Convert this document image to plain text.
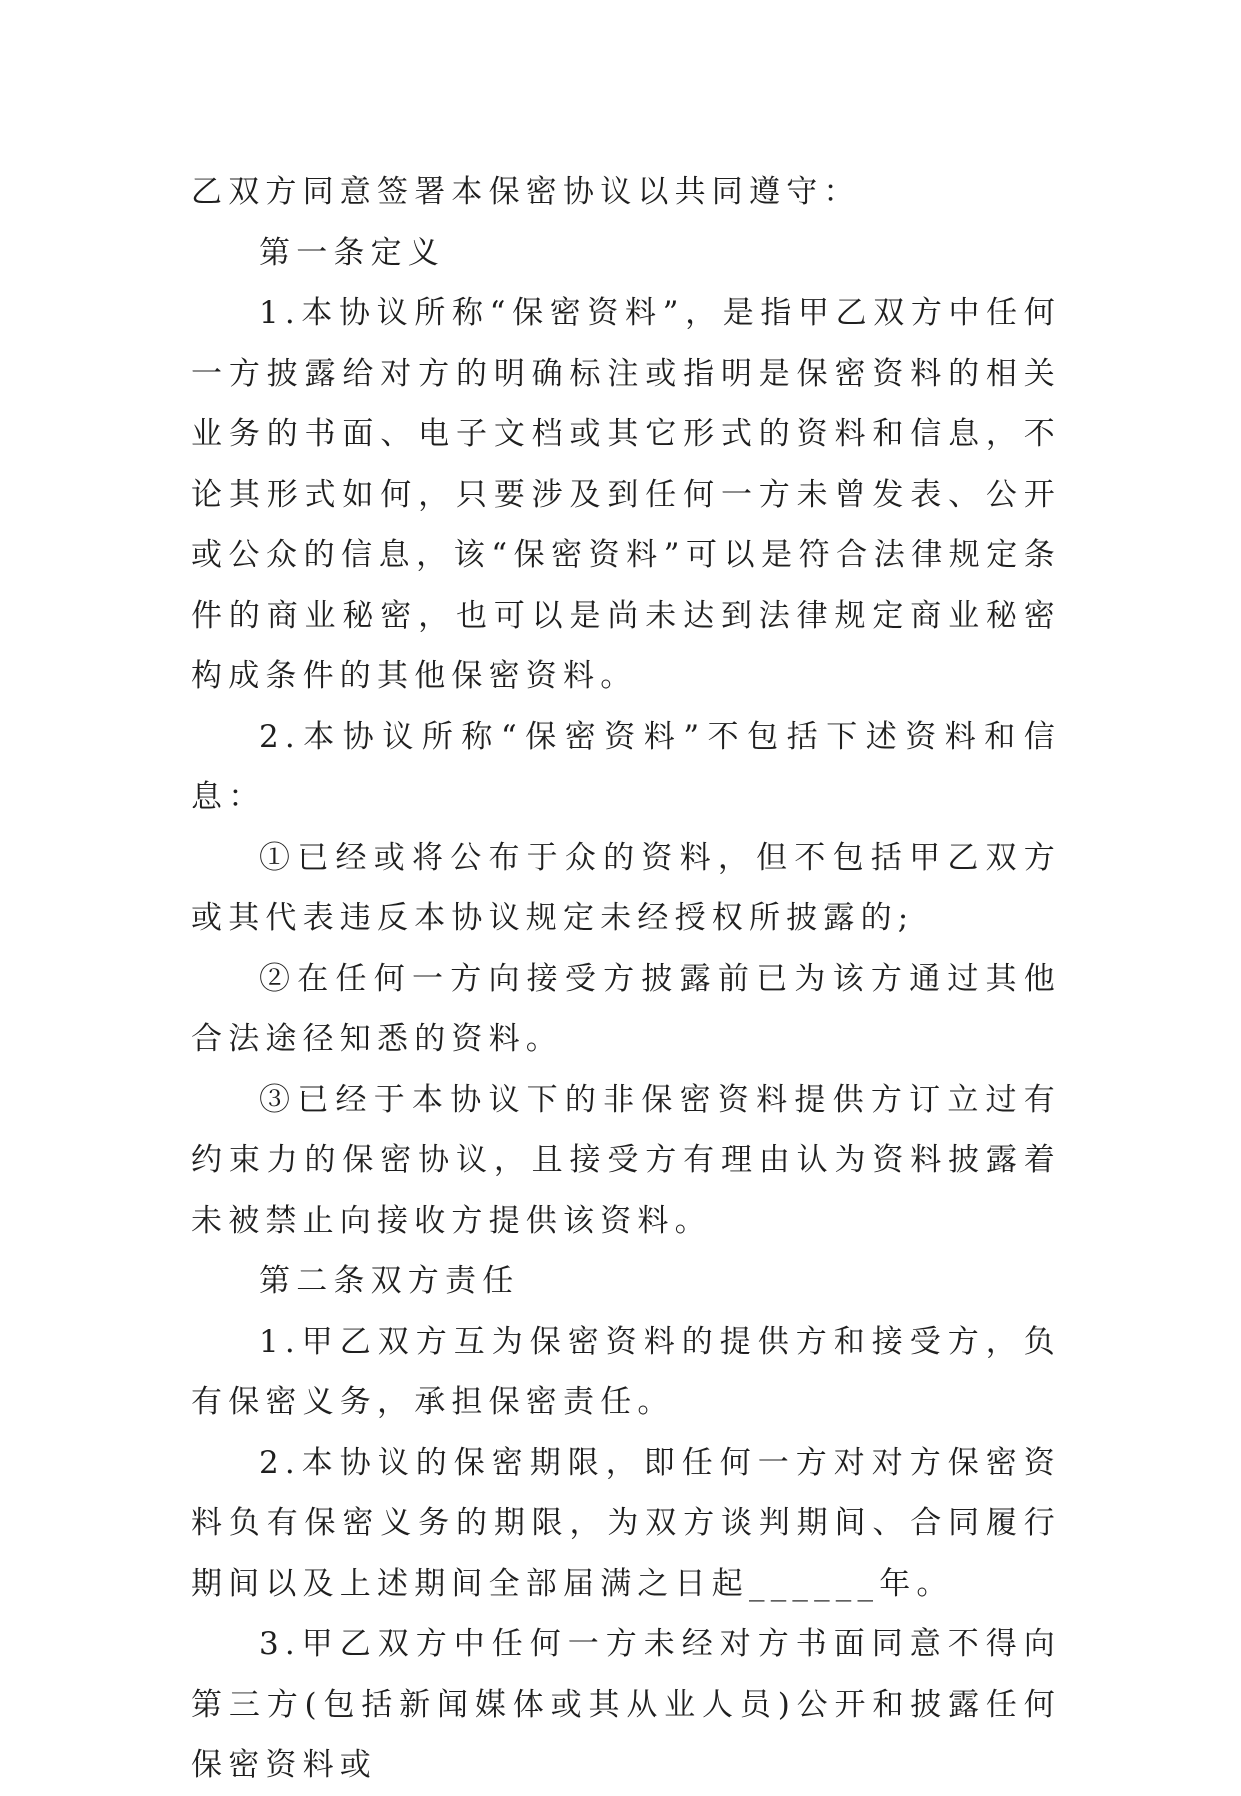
乙双方同意签署本保密协议以共同遵守：

第一条定义

1.本协议所称“保密资料”，是指甲乙双方中任何一方披露给对方的明确标注或指明是保密资料的相关业务的书面、电子文档或其它形式的资料和信息，不论其形式如何，只要涉及到任何一方未曾发表、公开或公众的信息，该“保密资料”可以是符合法律规定条件的商业秘密，也可以是尚未达到法律规定商业秘密构成条件的其他保密资料。

2.本协议所称“保密资料”不包括下述资料和信息：

①已经或将公布于众的资料，但不包括甲乙双方或其代表违反本协议规定未经授权所披露的;

②在任何一方向接受方披露前已为该方通过其他合法途径知悉的资料。

③已经于本协议下的非保密资料提供方订立过有约束力的保密协议，且接受方有理由认为资料披露着未被禁止向接收方提供该资料。

第二条双方责任

1.甲乙双方互为保密资料的提供方和接受方，负有保密义务，承担保密责任。

2.本协议的保密期限，即任何一方对对方保密资料负有保密义务的期限，为双方谈判期间、合同履行期间以及上述期间全部届满之日起______年。

3.甲乙双方中任何一方未经对方书面同意不得向第三方(包括新闻媒体或其从业人员)公开和披露任何保密资料或
